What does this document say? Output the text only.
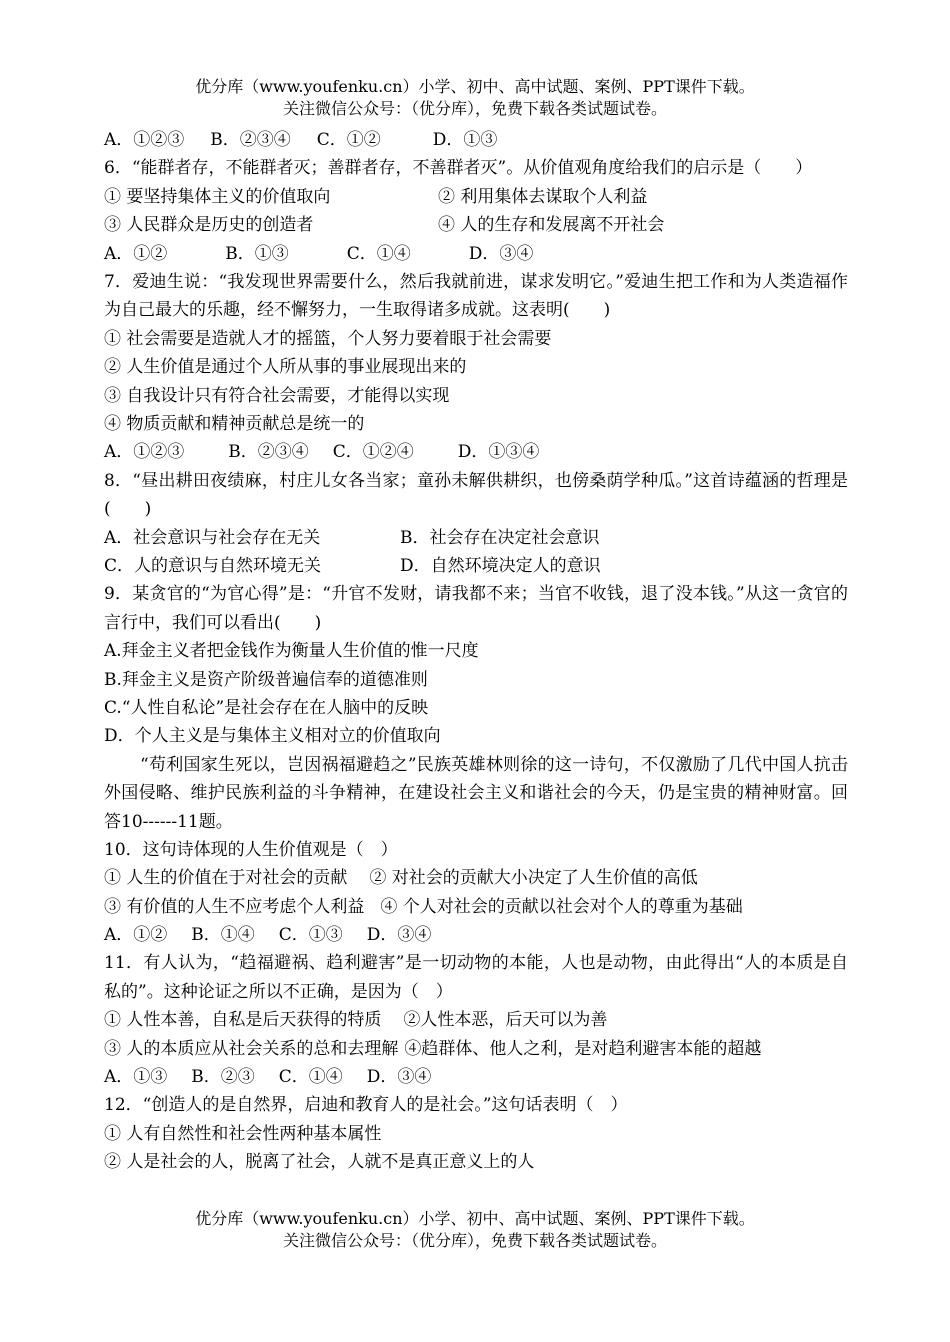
优分库（www.youfenku.cn）小学、初中、高中试题、案例、PPT课件下载。
关注微信公众号：（优分库），免费下载各类试题试卷。
A．①②③ B．②③④ C．①②	D．①③
6．“能群者存，不能群者灭；善群者存，不善群者灭”。从价值观角度给我们的启示是（　　）
① 要坚持集体主义的价值取向	② 利用集体去谋取个人利益
③ 人民群众是历史的创造者	④ 人的生存和发展离不开社会
A．①②	B．①③	C．①④	D．③④
7．爱迪生说：“我发现世界需要什么，然后我就前进，谋求发明它。”爱迪生把工作和为人类造福作为自己最大的乐趣，经不懈努力，一生取得诸多成就。这表明(　　)
① 社会需要是造就人才的摇篮，个人努力要着眼于社会需要
② 人生价值是通过个人所从事的事业展现出来的
③ 自我设计只有符合社会需要，才能得以实现
④ 物质贡献和精神贡献总是统一的
A．①②③	B．②③④ C．①②④	D．①③④
8．“昼出耕田夜绩麻，村庄儿女各当家；童孙未解供耕织，也傍桑荫学种瓜。”这首诗蕴涵的哲理是(　　)
A．社会意识与社会存在无关	B．社会存在决定社会意识
C．人的意识与自然环境无关	D．自然环境决定人的意识
9．某贪官的“为官心得”是：“升官不发财，请我都不来；当官不收钱，退了没本钱。”从这一贪官的言行中，我们可以看出(　　)
A.拜金主义者把金钱作为衡量人生价值的惟一尺度
B.拜金主义是资产阶级普遍信奉的道德准则
C.“人性自私论”是社会存在在人脑中的反映
D．个人主义是与集体主义相对立的价值取向
“苟利国家生死以，岂因祸福避趋之”民族英雄林则徐的这一诗句，不仅激励了几代中国人抗击外国侵略、维护民族利益的斗争精神，在建设社会主义和谐社会的今天，仍是宝贵的精神财富。回答10------11题。
10．这句诗体现的人生价值观是（　）
① 人生的价值在于对社会的贡献 ② 对社会的贡献大小决定了人生价值的高低
③ 有价值的人生不应考虑个人利益 ④ 个人对社会的贡献以社会对个人的尊重为基础
A．①② B．①④ C．①③ D．③④
11．有人认为，“趋福避祸、趋利避害”是一切动物的本能，人也是动物，由此得出“人的本质是自私的”。这种论证之所以不正确，是因为（　）
① 人性本善，自私是后天获得的特质 ②人性本恶，后天可以为善
③ 人的本质应从社会关系的总和去理解 ④趋群体、他人之利，是对趋利避害本能的超越
A．①③ B．②③ C．①④ D．③④
12．“创造人的是自然界，启迪和教育人的是社会。”这句话表明（　）
① 人有自然性和社会性两种基本属性
② 人是社会的人，脱离了社会，人就不是真正意义上的人
优分库（www.youfenku.cn）小学、初中、高中试题、案例、PPT课件下载。
关注微信公众号：（优分库），免费下载各类试题试卷。
